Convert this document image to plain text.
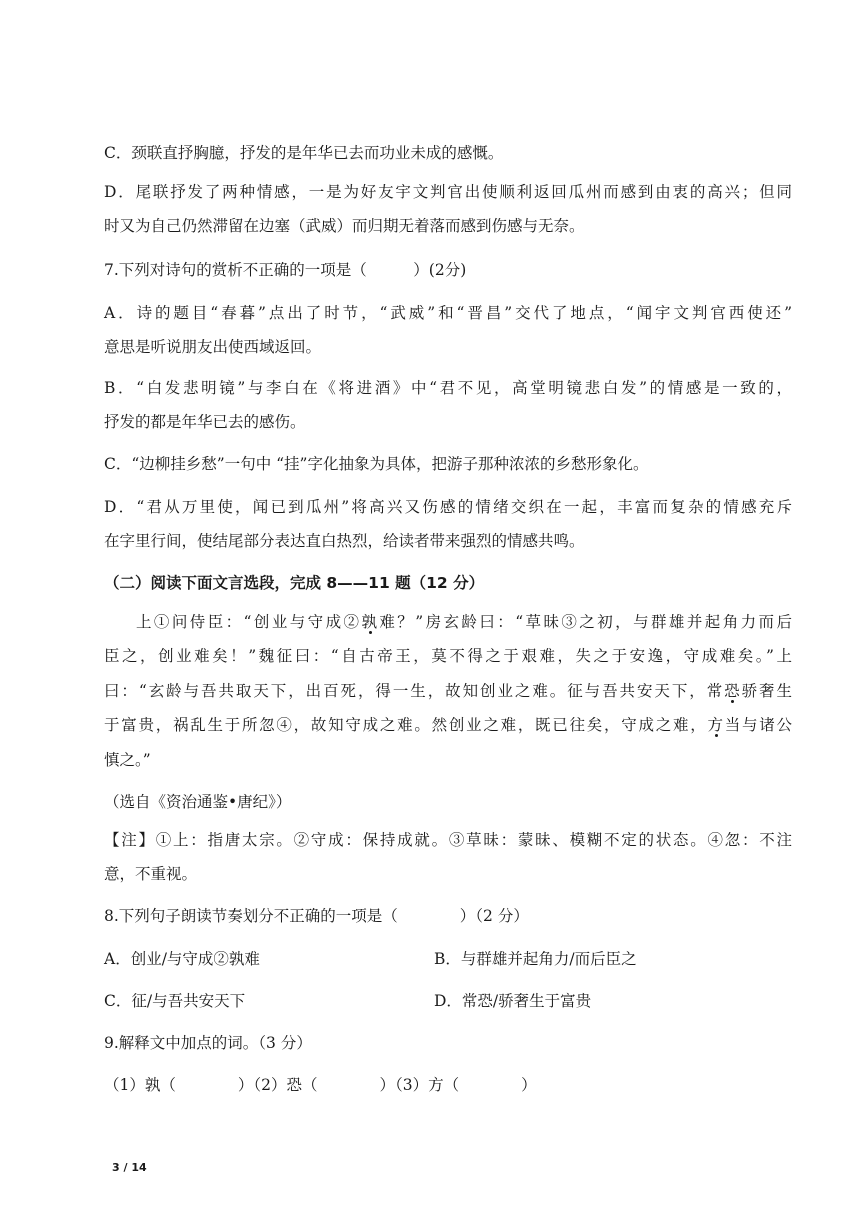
C．颈联直抒胸臆，抒发的是年华已去而功业未成的感慨。
D．尾联抒发了两种情感，一是为好友宇文判官出使顺利返回瓜州而感到由衷的高兴；但同
时又为自己仍然滞留在边塞（武威）而归期无着落而感到伤感与无奈。
7.下列对诗句的赏析不正确的一项是（　　　）(2分)
A．诗的题目“春暮”点出了时节，“武威”和“晋昌”交代了地点，“闻宇文判官西使还”
意思是听说朋友出使西域返回。
B．“白发悲明镜”与李白在《将进酒》中“君不见，高堂明镜悲白发”的情感是一致的，
抒发的都是年华已去的感伤。
C．“边柳挂乡愁”一句中 “挂”字化抽象为具体，把游子那种浓浓的乡愁形象化。
D．“君从万里使，闻已到瓜州”将高兴又伤感的情绪交织在一起，丰富而复杂的情感充斥
在字里行间，使结尾部分表达直白热烈，给读者带来强烈的情感共鸣。
（二）阅读下面文言选段，完成 8——11 题（12 分）
上①问侍臣：“创业与守成②孰难？”房玄龄曰：“草昧③之初，与群雄并起角力而后
臣之，创业难矣！”魏征曰：“自古帝王，莫不得之于艰难，失之于安逸，守成难矣。”上
曰：“玄龄与吾共取天下，出百死，得一生，故知创业之难。征与吾共安天下，常恐骄奢生
于富贵，祸乱生于所忽④，故知守成之难。然创业之难，既已往矣，守成之难，方当与诸公
慎之。”
（选自《资治通鉴•唐纪》）
【注】①上：指唐太宗。②守成：保持成就。③草昧：蒙昧、模糊不定的状态。④忽：不注
意，不重视。
8.下列句子朗读节奏划分不正确的一项是（　　　　）（2 分）
A．创业/与守成②孰难	B．与群雄并起角力/而后臣之
C．征/与吾共安天下	D．常恐/骄奢生于富贵
9.解释文中加点的词。（3 分）
（1）孰（　　　　）（2）恐（　　　　）（3）方（　　　　）
3 / 14
